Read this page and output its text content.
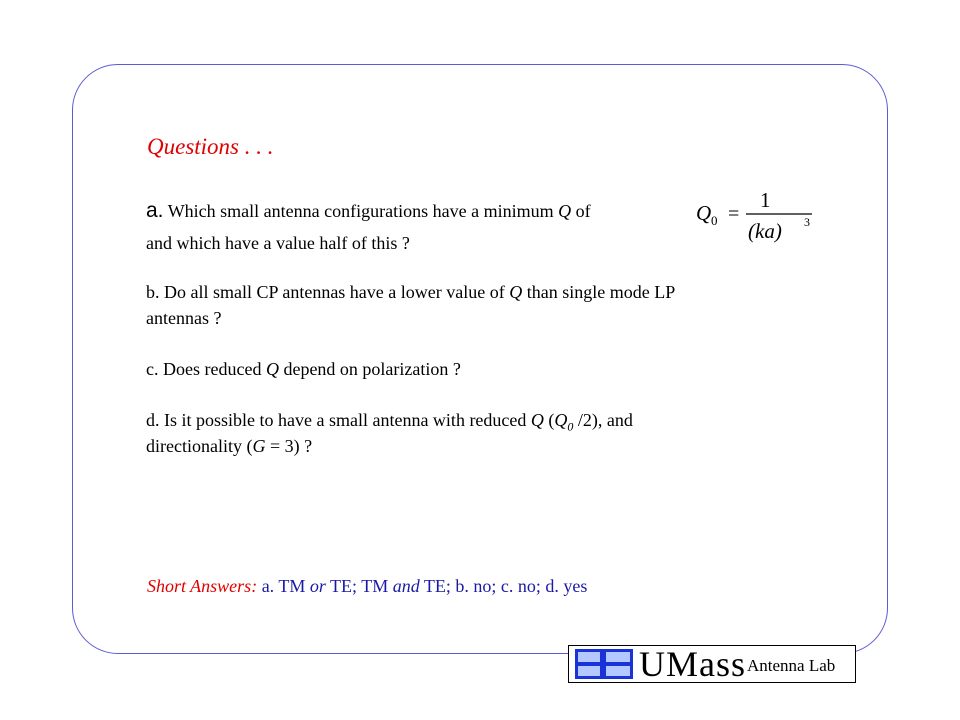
Questions . . .
a. Which small antenna configurations have a minimum Q of
and which have a value half of this ?
Q 0 =
1
(ka) 3
b. Do all small CP antennas have a lower value of Q than single mode LP
antennas ?
c. Does reduced Q depend on polarization ?
d. Is it possible to have a small antenna with reduced Q ($Q_0$ /2), and
directionality (G = 3) ?
Short Answers: a. TM or TE; TM and TE; b. no; c. no; d. yes
UMass Antenna Lab
